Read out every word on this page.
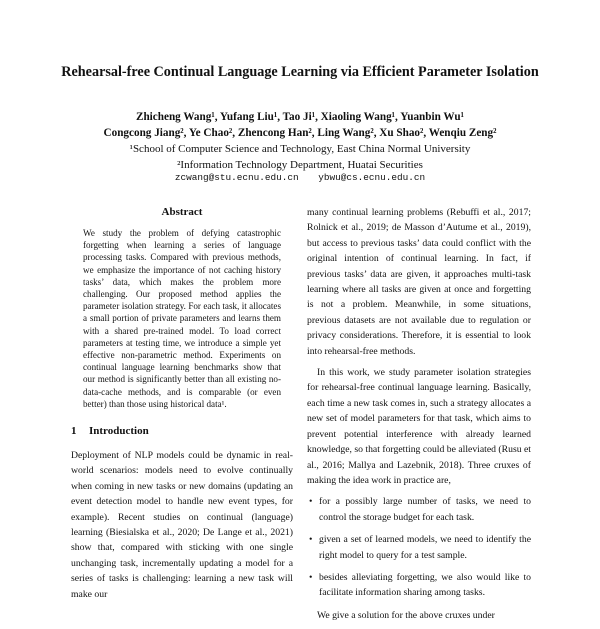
Rehearsal-free Continual Language Learning via Efficient Parameter Isolation
Zhicheng Wang¹, Yufang Liu¹, Tao Ji¹, Xiaoling Wang¹, Yuanbin Wu¹
Congcong Jiang², Ye Chao², Zhencong Han², Ling Wang², Xu Shao², Wenqiu Zeng²
¹School of Computer Science and Technology, East China Normal University
²Information Technology Department, Huatai Securities
zcwang@stu.ecnu.edu.cn ybwu@cs.ecnu.edu.cn
Abstract

We study the problem of defying catastrophic forgetting when learning a series of language processing tasks. Compared with previous methods, we emphasize the importance of not caching history tasks’ data, which makes the problem more challenging. Our proposed method applies the parameter isolation strategy. For each task, it allocates a small portion of private parameters and learns them with a shared pre-trained model. To load correct parameters at testing time, we introduce a simple yet effective non-parametric method. Experiments on continual language learning benchmarks show that our method is significantly better than all existing no-data-cache methods, and is comparable (or even better) than those using historical data¹.

1 Introduction

Deployment of NLP models could be dynamic in real-world scenarios: models need to evolve continually when coming in new tasks or new domains (updating an event detection model to handle new event types, for example). Recent studies on continual (language) learning (Biesialska et al., 2020; De Lange et al., 2021) show that, compared with sticking with one single unchanging task, incrementally updating a model for a series of tasks is challenging: learning a new task will make our

many continual learning problems (Rebuffi et al., 2017; Rolnick et al., 2019; de Masson d’Autume et al., 2019), but access to previous tasks’ data could conflict with the original intention of continual learning. In fact, if previous tasks’ data are given, it approaches multi-task learning where all tasks are given at once and forgetting is not a problem. Meanwhile, in some situations, previous datasets are not available due to regulation or privacy considerations. Therefore, it is essential to look into rehearsal-free methods.

In this work, we study parameter isolation strategies for rehearsal-free continual language learning. Basically, each time a new task comes in, such a strategy allocates a new set of model parameters for that task, which aims to prevent potential interference with already learned knowledge, so that forgetting could be alleviated (Rusu et al., 2016; Mallya and Lazebnik, 2018). Three cruxes of making the idea work in practice are,

• for a possibly large number of tasks, we need to control the storage budget for each task.
• given a set of learned models, we need to identify the right model to query for a test sample.
• besides alleviating forgetting, we also would like to facilitate information sharing among tasks.

We give a solution for the above cruxes under
